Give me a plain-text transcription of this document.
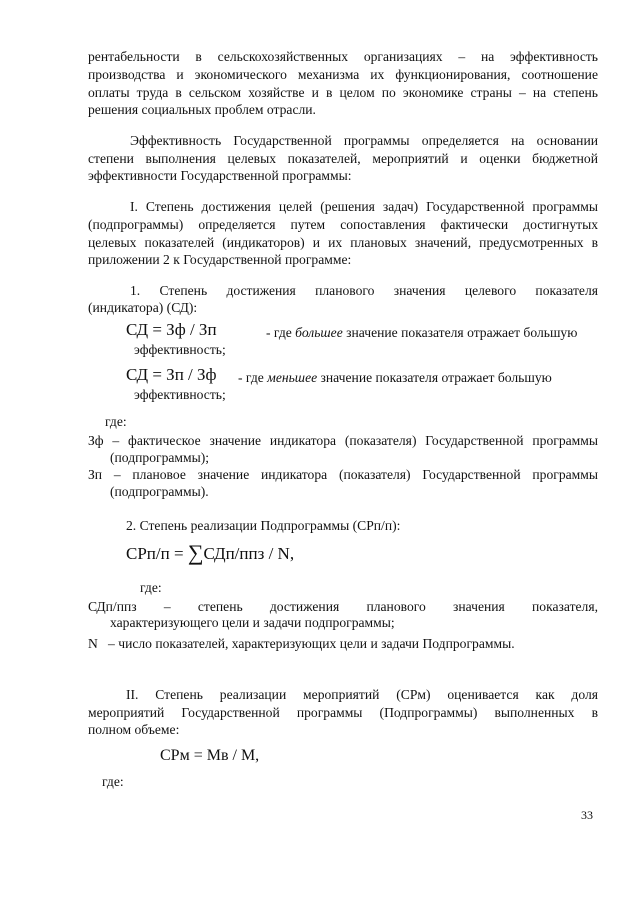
рентабельности в сельскохозяйственных организациях – на эффективность
производства и экономического механизма их функционирования, соотношение
оплаты труда в сельском хозяйстве и в целом по экономике страны – на степень
решения социальных проблем отрасли.
Эффективность Государственной программы определяется на основании
степени выполнения целевых показателей, мероприятий и оценки бюджетной
эффективности Государственной программы:
I. Степень достижения целей (решения задач) Государственной программы
(подпрограммы) определяется путем сопоставления фактически достигнутых
целевых показателей (индикаторов) и их плановых значений, предусмотренных в
приложении 2 к Государственной программе:
1. Степень достижения планового значения целевого показателя
(индикатора) (СД):
СД = Зф / Зп	- где большее значение показателя отражает большую
эффективность;
СД = Зп / Зф - где меньшее значение показателя отражает большую
эффективность;
где:
Зф – фактическое значение индикатора (показателя) Государственной программы
(подпрограммы);
Зп – плановое значение индикатора (показателя) Государственной программы
(подпрограммы).
2. Степень реализации Подпрограммы (СРп/п):
СРп/п = ∑СДп/ппз / N,
где:
СДп/ппз – степень достижения планового значения показателя,
характеризующего цели и задачи подпрограммы;
N – число показателей, характеризующих цели и задачи Подпрограммы.
II. Степень реализации мероприятий (СРм) оценивается как доля
мероприятий Государственной программы (Подпрограммы) выполненных в
полном объеме:
СРм = Мв / М,
где:
33
